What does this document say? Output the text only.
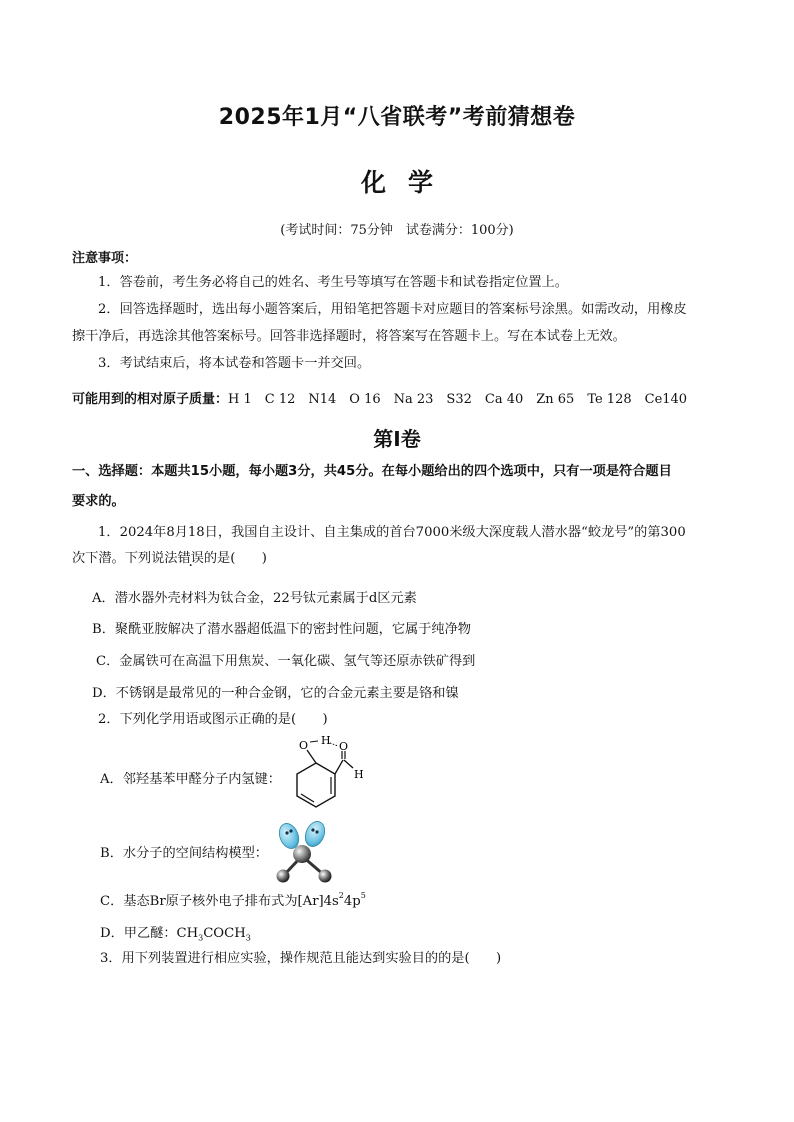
2025年1月“八省联考”考前猜想卷
化学
(考试时间：75分钟　试卷满分：100分)
注意事项：
1．答卷前，考生务必将自己的姓名、考生号等填写在答题卡和试卷指定位置上。
2．回答选择题时，选出每小题答案后，用铅笔把答题卡对应题目的答案标号涂黑。如需改动，用橡皮
擦干净后，再选涂其他答案标号。回答非选择题时，将答案写在答题卡上。写在本试卷上无效。
3．考试结束后，将本试卷和答题卡一并交回。
可能用到的相对原子质量：H 1　C 12　N14　O 16　Na 23　S32　Ca 40　Zn 65　Te 128　Ce140
第Ⅰ卷
一、选择题：本题共15小题，每小题3分，共45分。在每小题给出的四个选项中，只有一项是符合题目
要求的。
1．2024年8月18日，我国自主设计、自主集成的首台7000米级大深度载人潜水器“蛟龙号”的第300
次下潜。下列说法错误的是(　　)
A．潜水器外壳材料为钛合金，22号钛元素属于d区元素
B．聚酰亚胺解决了潜水器超低温下的密封性问题，它属于纯净物
C．金属铁可在高温下用焦炭、一氧化碳、氢气等还原赤铁矿得到
D．不锈钢是最常见的一种合金钢，它的合金元素主要是铬和镍
2．下列化学用语或图示正确的是(　　)
A．邻羟基苯甲醛分子内氢键：
O H O
H
B．水分子的空间结构模型：
C．基态Br原子核外电子排布式为$[Ar]4s^24p^5$
D．甲乙醚：$CH_3COCH_3$
3．用下列装置进行相应实验，操作规范且能达到实验目的的是(　　)
